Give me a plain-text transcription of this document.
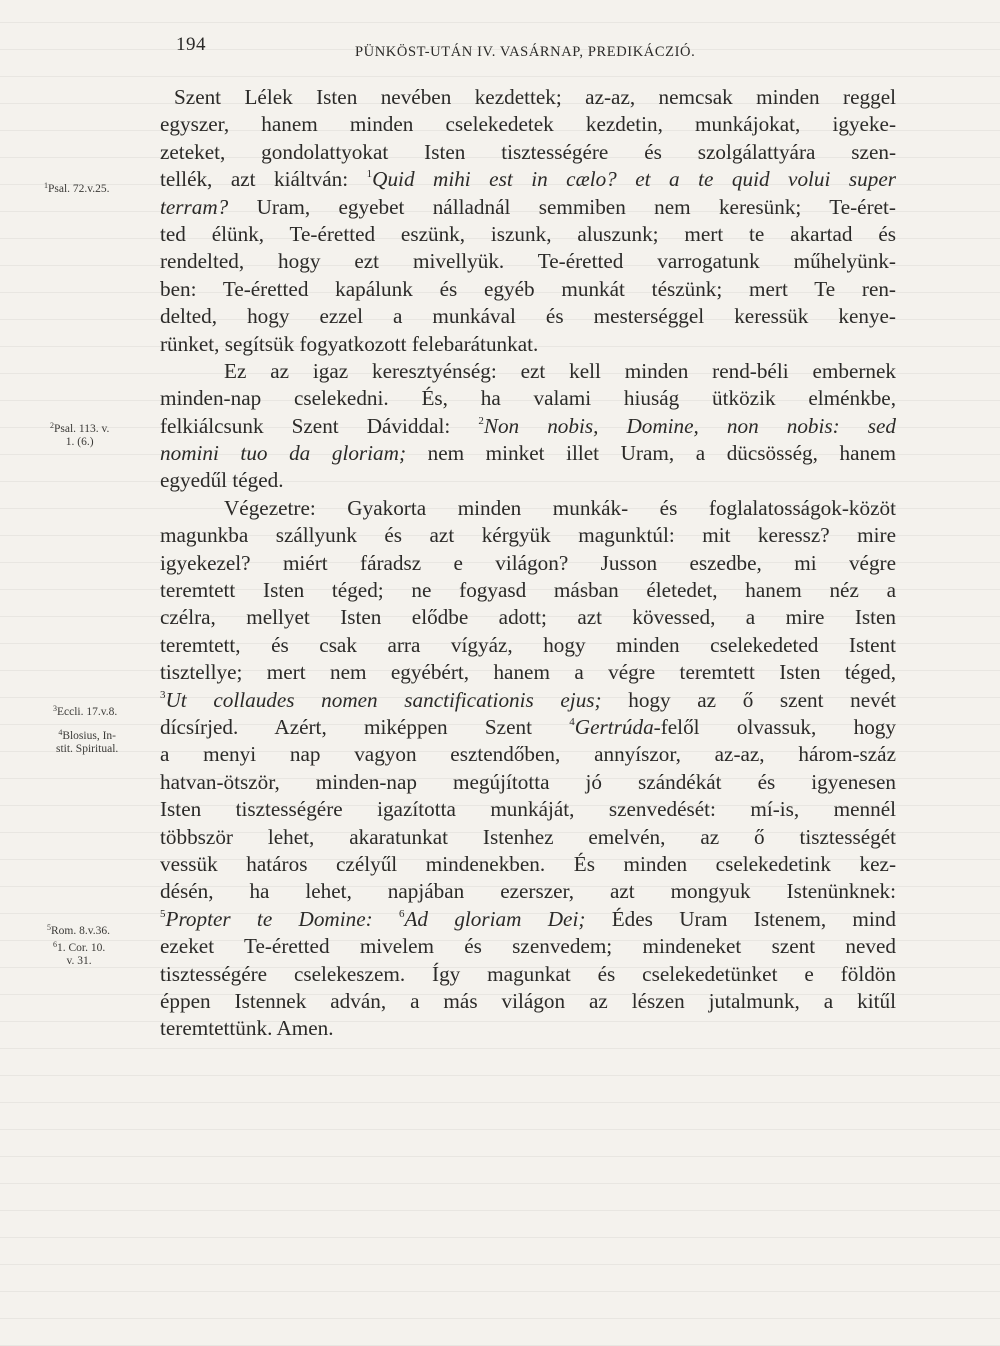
194	PÜNKÖST-UTÁN IV. VASÁRNAP, PREDIKÁCZIÓ.
$^1$Psal. 72.v.25.
$^2$Psal. 113. v.
1. (6.)
$^3$Eccli. 17.v.8.
$^4$Blosius, In-
stit. Spiritual.
$^5$Rom. 8.v.36.
$^6$1. Cor. 10.
v. 31.
Szent Lélek Isten nevében kezdettek; az-az, nemcsak minden reggel
egyszer, hanem minden cselekedetek kezdetin, munkájokat, igyeke-
zeteket, gondolattyokat Isten tisztességére és szolgálattyára szen-
tellék, azt kiáltván: $^1$Quid mihi est in cælo? et a te quid volui super
terram? Uram, egyebet nálladnál semmiben nem keresünk; Te-éret-
ted élünk, Te-éretted eszünk, iszunk, aluszunk; mert te akartad és
rendelted, hogy ezt mivellyük. Te-éretted varrogatunk műhelyünk-
ben: Te-éretted kapálunk és egyéb munkát tészünk; mert Te ren-
delted, hogy ezzel a munkával és mesterséggel keressük kenye-
rünket, segítsük fogyatkozott felebarátunkat.
Ez az igaz keresztyénség: ezt kell minden rend-béli embernek
minden-nap cselekedni. És, ha valami hiuság ütközik elménkbe,
felkiálcsunk Szent Dáviddal: $^2$Non nobis, Domine, non nobis: sed
nomini tuo da gloriam; nem minket illet Uram, a dücsösség, hanem
egyedűl téged.
Végezetre: Gyakorta minden munkák- és foglalatosságok-közöt
magunkba szállyunk és azt kérgyük magunktúl: mit keressz? mire
igyekezel? miért fáradsz e világon? Jusson eszedbe, mi végre
teremtett Isten téged; ne fogyasd másban életedet, hanem néz a
czélra, mellyet Isten elődbe adott; azt kövessed, a mire Isten
teremtett, és csak arra vígyáz, hogy minden cselekedeted Istent
tisztellye; mert nem egyébért, hanem a végre teremtett Isten téged,
$^3$Ut collaudes nomen sanctificationis ejus; hogy az ő szent nevét
dícsírjed. Azért, miképpen Szent $^4$Gertrúda-felől olvassuk, hogy
a menyi nap vagyon esztendőben, annyíszor, az-az, három-száz
hatvan-ötször, minden-nap megújította jó szándékát és igyenesen
Isten tisztességére igazította munkáját, szenvedését: mí-is, mennél
többször lehet, akaratunkat Istenhez emelvén, az ő tisztességét
vessük határos czélyűl mindenekben. És minden cselekedetink kez-
désén, ha lehet, napjában ezerszer, azt mongyuk Istenünknek:
$^5$Propter te Domine: $^6$Ad gloriam Dei; Édes Uram Istenem, mind
ezeket Te-éretted mivelem és szenvedem; mindeneket szent neved
tisztességére cselekeszem. Így magunkat és cselekedetünket e földön
éppen Istennek adván, a más világon az lészen jutalmunk, a kitűl
teremtettünk. Amen.
